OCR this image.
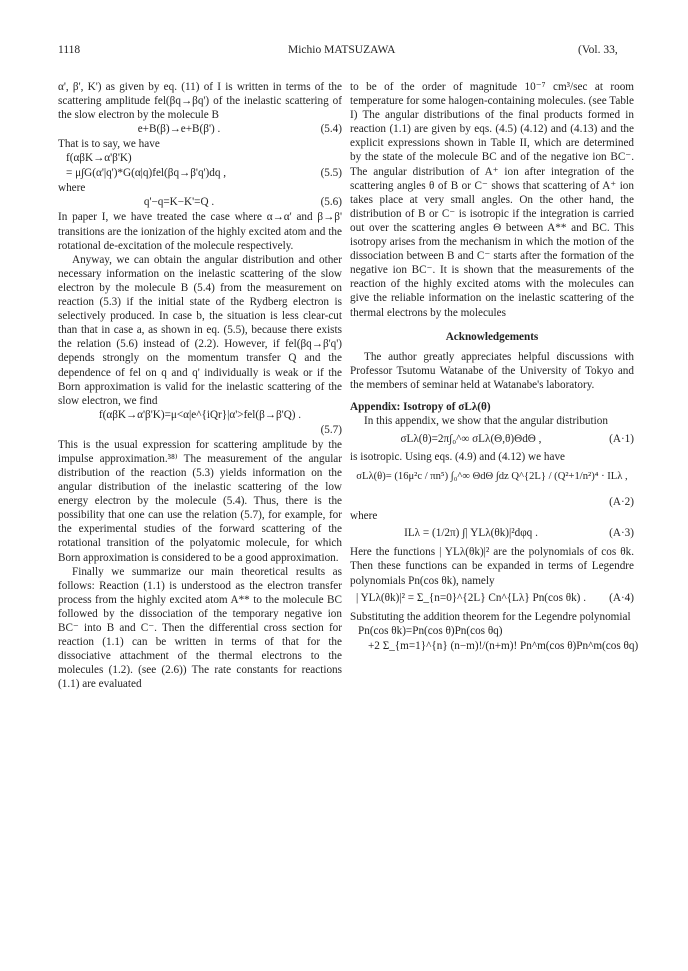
1118	Michio MATSUZAWA	(Vol. 33,

α', β', K') as given by eq. (11) of I is written in terms of the scattering amplitude fel(βq→βq') of the inelastic scattering of the slow electron by the molecule B

e+B(β)→e+B(β') .	(5.4)

That is to say, we have

f(αβK→α'β'K)
= μ∫G(α'|q')*G(α|q)fel(βq→β'q')dq ,	(5.5)

where

q'−q=K−K'=Q .	(5.6)

In paper I, we have treated the case where α→α' and β→β' transitions are the ionization of the highly excited atom and the rotational de-excitation of the molecule respectively.

Anyway, we can obtain the angular distribution and other necessary information on the inelastic scattering of the slow electron by the molecule B (5.4) from the measurement on reaction (5.3) if the initial state of the Rydberg electron is selectively produced. In case b, the situation is less clear-cut than that in case a, as shown in eq. (5.5), because there exists the relation (5.6) instead of (2.2). However, if fel(βq→β'q') depends strongly on the momentum transfer Q and the dependence of fel on q and q' individually is weak or if the Born approximation is valid for the inelastic scattering of the slow electron, we find

f(αβK→α'β'K)=μ<α|e^{iQr}|α'>fel(β→β'Q) .
(5.7)

This is the usual expression for scattering amplitude by the impulse approximation.³⁸⁾ The measurement of the angular distribution of the reaction (5.3) yields information on the angular distribution of the inelastic scattering of the low energy electron by the molecule (5.4). Thus, there is the possibility that one can use the relation (5.7), for example, for the experimental studies of the forward scattering of the rotational transition of the polyatomic molecule, for which Born approximation is considered to be a good approximation.

Finally we summarize our main theoretical results as follows: Reaction (1.1) is understood as the electron transfer process from the highly excited atom A** to the molecule BC followed by the dissociation of the temporary negative ion BC⁻ into B and C⁻. Then the differential cross section for reaction (1.1) can be written in terms of that for the dissociative attachment of the thermal electrons to the molecules (1.2). (see (2.6)) The rate constants for reactions (1.1) are evaluated

to be of the order of magnitude 10⁻⁷ cm³/sec at room temperature for some halogen-containing molecules. (see Table I) The angular distributions of the final products formed in reaction (1.1) are given by eqs. (4.5) (4.12) and (4.13) and the explicit expressions shown in Table II, which are determined by the state of the molecule BC and of the negative ion BC⁻. The angular distribution of A⁺ ion after integration of the scattering angles θ of B or C⁻ shows that scattering of A⁺ ion takes place at very small angles. On the other hand, the distribution of B or C⁻ is isotropic if the integration is carried out over the scattering angles Θ between A** and BC. This isotropy arises from the mechanism in which the motion of the dissociation between B and C⁻ starts after the formation of the negative ion BC⁻. It is shown that the measurements of the reaction of the highly excited atoms with the molecules can give the reliable information on the inelastic scattering of the thermal electrons by the molecules

Acknowledgements

The author greatly appreciates helpful discussions with Professor Tsutomu Watanabe of the University of Tokyo and the members of seminar held at Watanabe's laboratory.

Appendix: Isotropy of σLλ(θ)

In this appendix, we show that the angular distribution

σLλ(θ)=2π∫₀^∞ σLλ(Θ,θ)ΘdΘ ,	(A·1)

is isotropic. Using eqs. (4.9) and (4.12) we have

σLλ(θ)= (16μ²c / πn⁵) ∫₀^∞ ΘdΘ ∫dz Q^{2L} / (Q²+1/n²)⁴ · ILλ ,
(A·2)

where

ILλ = (1/2π) ∫| YLλ(θk)|²dφq .	(A·3)

Here the functions | YLλ(θk)|² are the polynomials of cos θk. Then these functions can be expanded in terms of Legendre polynomials Pn(cos θk), namely

| YLλ(θk)|² = Σ_{n=0}^{2L} Cn^{Lλ} Pn(cos θk) .	(A·4)

Substituting the addition theorem for the Legendre polynomial

Pn(cos θk)=Pn(cos θ)Pn(cos θq)
+2 Σ_{m=1}^{n} (n−m)!/(n+m)! Pn^m(cos θ)Pn^m(cos θq)
